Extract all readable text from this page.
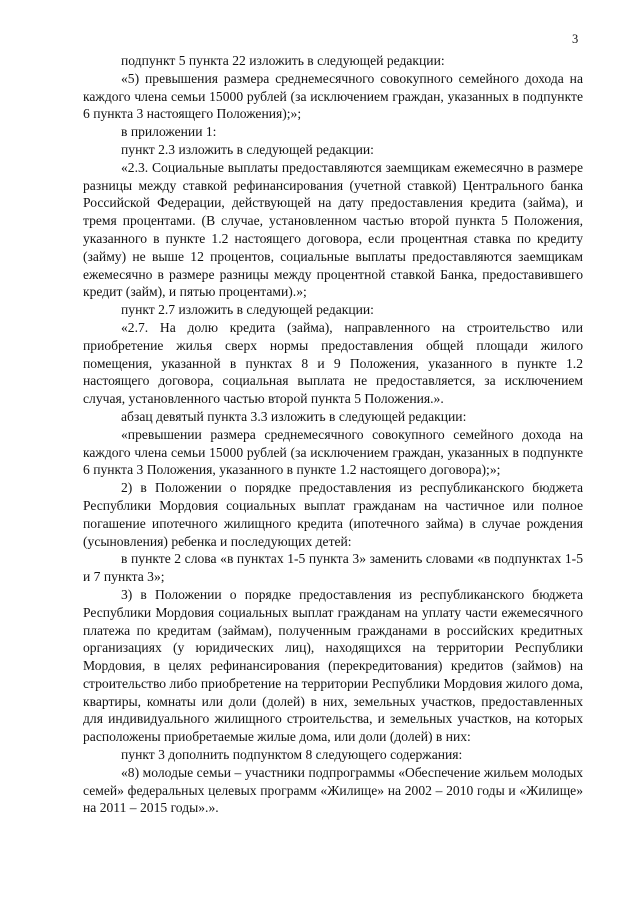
3

подпункт 5 пункта 22 изложить в следующей редакции:

«5) превышения размера среднемесячного совокупного семейного дохода на каждого члена семьи 15000 рублей (за исключением граждан, указанных в подпункте 6 пункта 3 настоящего Положения);»;

в приложении 1:

пункт 2.3 изложить в следующей редакции:

«2.3. Социальные выплаты предоставляются заемщикам ежемесячно в размере разницы между ставкой рефинансирования (учетной ставкой) Центрального банка Российской Федерации, действующей на дату предоставления кредита (займа), и тремя процентами. (В случае, установленном частью второй пункта 5 Положения, указанного в пункте 1.2 настоящего договора, если процентная ставка по кредиту (займу) не выше 12 процентов, социальные выплаты предоставляются заемщикам ежемесячно в размере разницы между процентной ставкой Банка, предоставившего кредит (займ), и пятью процентами).»;

пункт 2.7 изложить в следующей редакции:

«2.7. На долю кредита (займа), направленного на строительство или приобретение жилья сверх нормы предоставления общей площади жилого помещения, указанной в пунктах 8 и 9 Положения, указанного в пункте 1.2 настоящего договора, социальная выплата не предоставляется, за исключением случая, установленного частью второй пункта 5 Положения.».

абзац девятый пункта 3.3 изложить в следующей редакции:

«превышении размера среднемесячного совокупного семейного дохода на каждого члена семьи 15000 рублей (за исключением граждан, указанных в подпункте 6 пункта 3 Положения, указанного в пункте 1.2 настоящего договора);»;

2) в Положении о порядке предоставления из республиканского бюджета Республики Мордовия социальных выплат гражданам на частичное или полное погашение ипотечного жилищного кредита (ипотечного займа) в случае рождения (усыновления) ребенка и последующих детей:

в пункте 2 слова «в пунктах 1-5 пункта 3» заменить словами «в подпунктах 1-5 и 7 пункта 3»;

3) в Положении о порядке предоставления из республиканского бюджета Республики Мордовия социальных выплат гражданам на уплату части ежемесячного платежа по кредитам (займам), полученным гражданами в российских кредитных организациях (у юридических лиц), находящихся на территории Республики Мордовия, в целях рефинансирования (перекредитования) кредитов (займов) на строительство либо приобретение на территории Республики Мордовия жилого дома, квартиры, комнаты или доли (долей) в них, земельных участков, предоставленных для индивидуального жилищного строительства, и земельных участков, на которых расположены приобретаемые жилые дома, или доли (долей) в них:

пункт 3 дополнить подпунктом 8 следующего содержания:

«8) молодые семьи – участники подпрограммы «Обеспечение жильем молодых семей» федеральных целевых программ «Жилище» на 2002 – 2010 годы и «Жилище» на 2011 – 2015 годы».».
